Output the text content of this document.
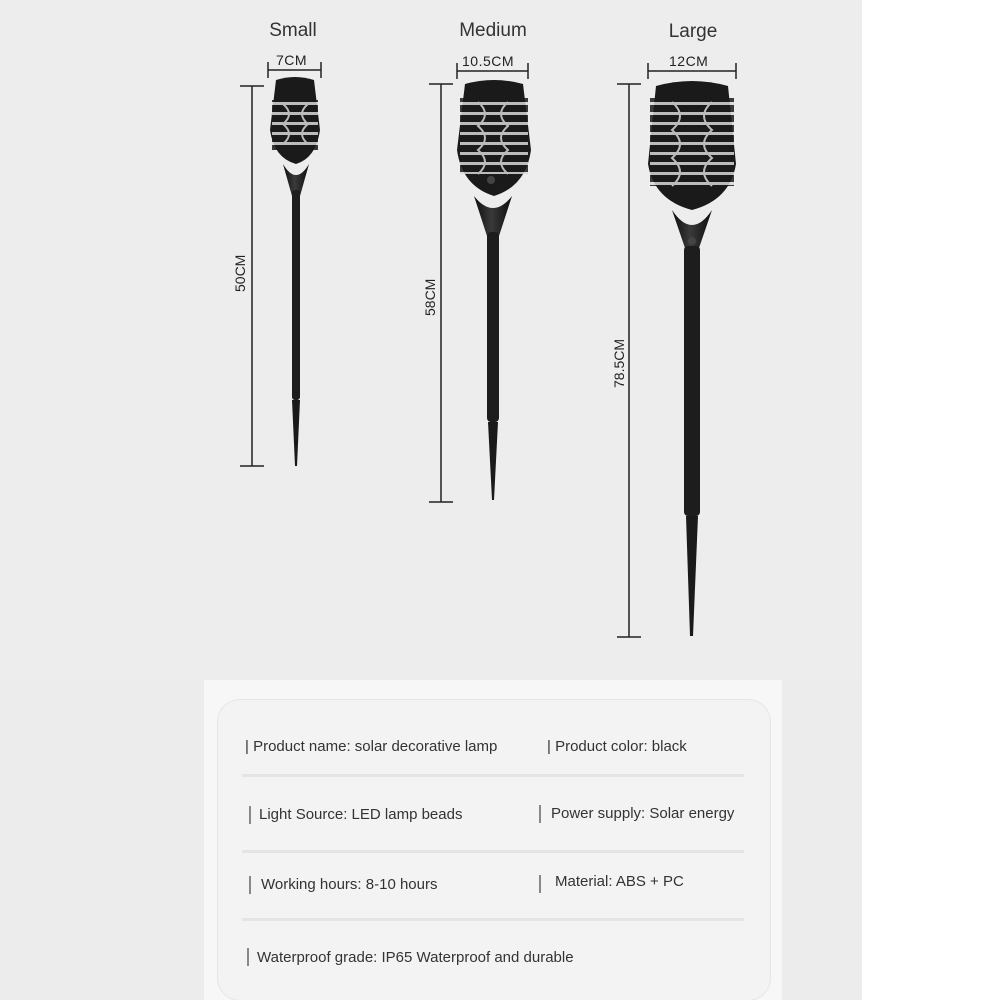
Small	Medium	Large
7CM	10.5CM	12CM
50CM
58CM
78.5CM
| Product name: solar decorative lamp	| Product color: black
Light Source: LED lamp beads	Power supply: Solar energy
Working hours: 8-10 hours	Material: ABS + PC
Waterproof grade: IP65 Waterproof and durable
